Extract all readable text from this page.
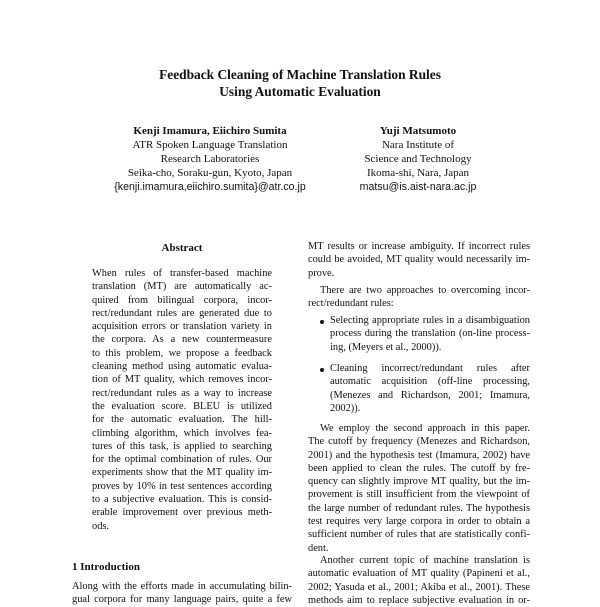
Feedback Cleaning of Machine Translation Rules
Using Automatic Evaluation
Kenji Imamura, Eiichiro Sumita
ATR Spoken Language Translation
Research Laboratories
Seika-cho, Soraku-gun, Kyoto, Japan
{kenji.imamura,eiichiro.sumita}@atr.co.jp
Yuji Matsumoto
Nara Institute of
Science and Technology
Ikoma-shi, Nara, Japan
matsu@is.aist-nara.ac.jp
Abstract
When rules of transfer-based machine
translation (MT) are automatically ac-
quired from bilingual corpora, incor-
rect/redundant rules are generated due to
acquisition errors or translation variety in
the corpora. As a new countermeasure
to this problem, we propose a feedback
cleaning method using automatic evalua-
tion of MT quality, which removes incor-
rect/redundant rules as a way to increase
the evaluation score. BLEU is utilized
for the automatic evaluation. The hill-
climbing algorithm, which involves fea-
tures of this task, is applied to searching
for the optimal combination of rules. Our
experiments show that the MT quality im-
proves by 10% in test sentences according
to a subjective evaluation. This is consid-
erable improvement over previous meth-
ods.
1 Introduction
Along with the efforts made in accumulating bilin-
gual corpora for many language pairs, quite a few
MT results or increase ambiguity. If incorrect rules
could be avoided, MT quality would necessarily im-
prove.
There are two approaches to overcoming incor-
rect/redundant rules:
Selecting appropriate rules in a disambiguation
process during the translation (on-line process-
ing, (Meyers et al., 2000)).
Cleaning incorrect/redundant rules after
automatic acquisition (off-line processing,
(Menezes and Richardson, 2001; Imamura,
2002)).
We employ the second approach in this paper.
The cutoff by frequency (Menezes and Richardson,
2001) and the hypothesis test (Imamura, 2002) have
been applied to clean the rules. The cutoff by fre-
quency can slightly improve MT quality, but the im-
provement is still insufficient from the viewpoint of
the large number of redundant rules. The hypothesis
test requires very large corpora in order to obtain a
sufficient number of rules that are statistically confi-
dent.
Another current topic of machine translation is
automatic evaluation of MT quality (Papineni et al.,
2002; Yasuda et al., 2001; Akiba et al., 2001). These
methods aim to replace subjective evaluation in or-
